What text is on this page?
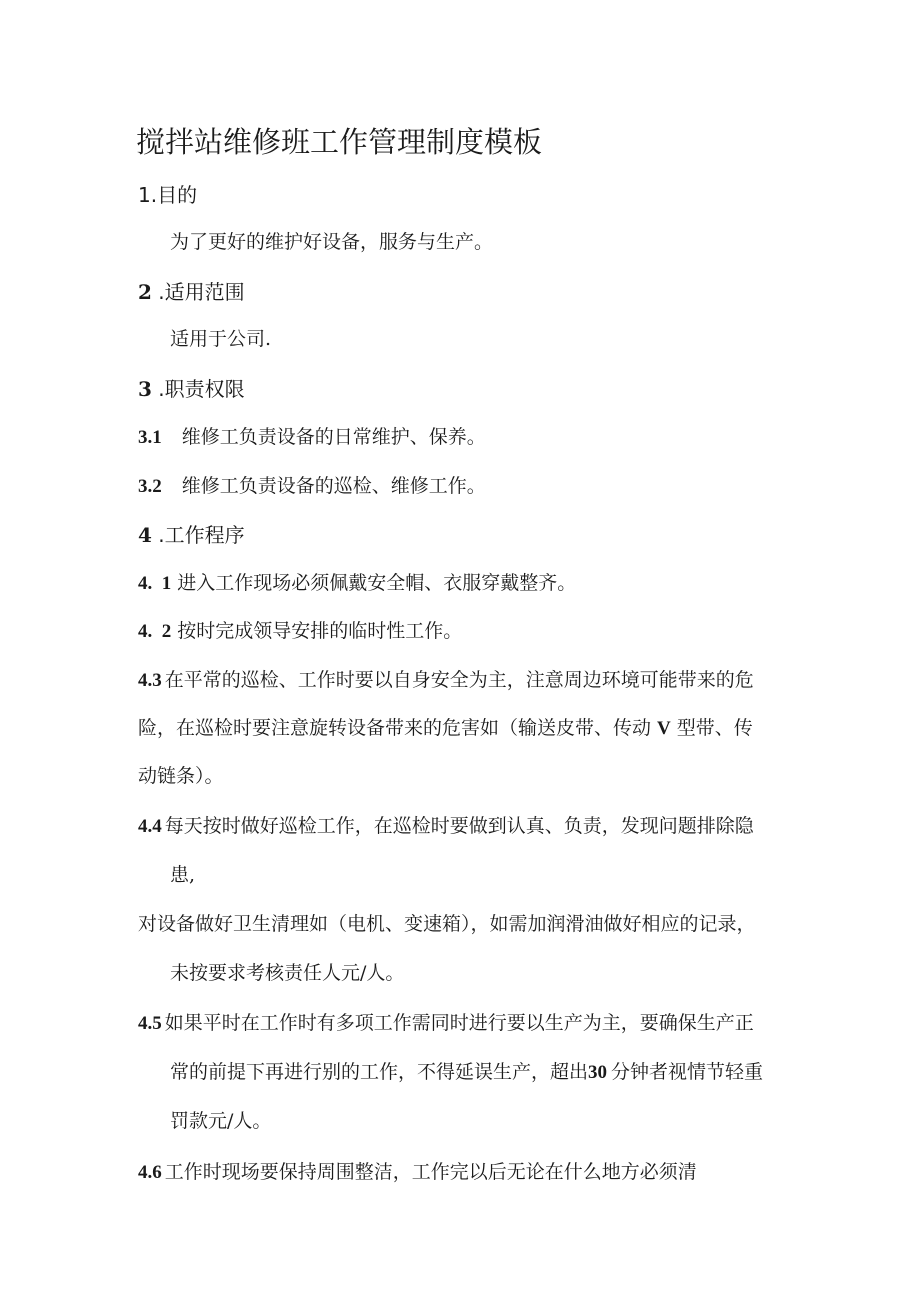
搅拌站维修班工作管理制度模板
1.目的
为了更好的维护好设备，服务与生产。
2 .适用范围
适用于公司.
3 .职责权限
3.1 维修工负责设备的日常维护、保养。
3.2 维修工负责设备的巡检、维修工作。
4 .工作程序
4.  1 进入工作现场必须佩戴安全帽、衣服穿戴整齐。
4.  2 按时完成领导安排的临时性工作。
4.3 在平常的巡检、工作时要以自身安全为主，注意周边环境可能带来的危
险，在巡检时要注意旋转设备带来的危害如（输送皮带、传动 V 型带、传
动链条）。
4.4 每天按时做好巡检工作，在巡检时要做到认真、负责，发现问题排除隐
患,
对设备做好卫生清理如（电机、变速箱），如需加润滑油做好相应的记录，
未按要求考核责任人元/人。
4.5 如果平时在工作时有多项工作需同时进行要以生产为主，要确保生产正
常的前提下再进行别的工作，不得延误生产，超出30 分钟者视情节轻重
罚款元/人。
4.6 工作时现场要保持周围整洁，工作完以后无论在什么地方必须清
